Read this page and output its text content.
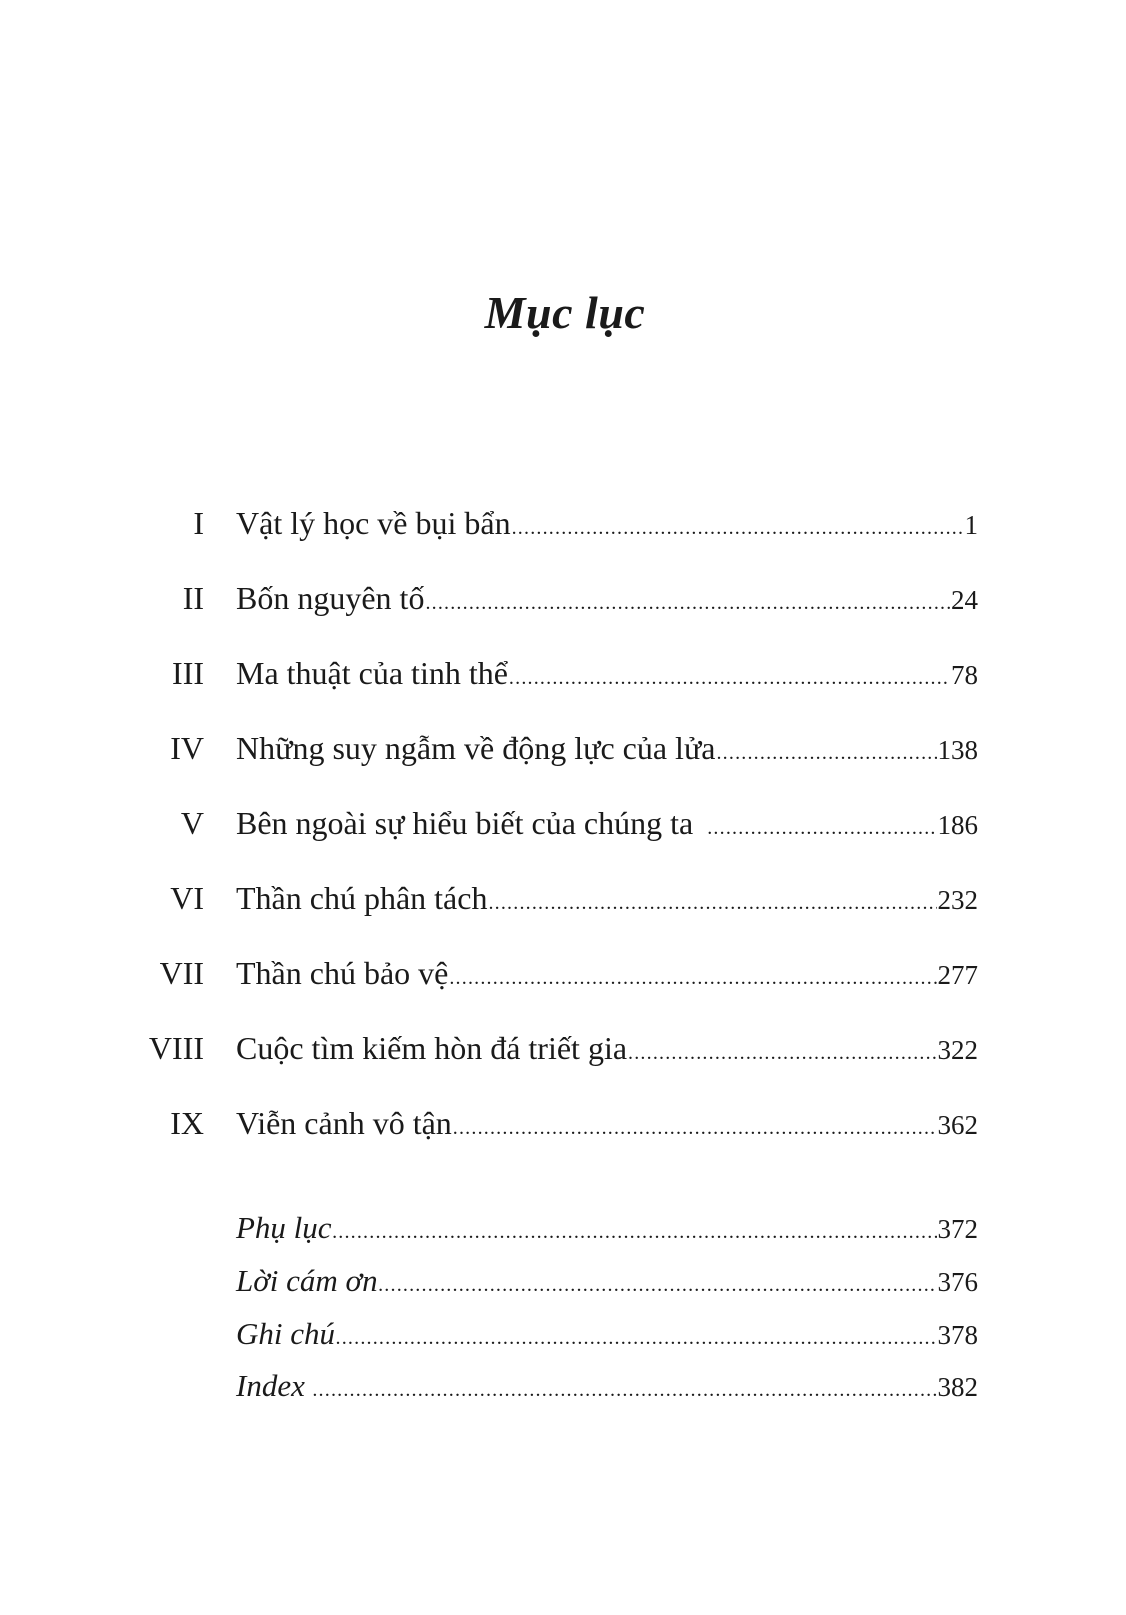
Mục lục
I Vật lý học về bụi bẩn .....	1
II Bốn nguyên tố .....	24
III Ma thuật của tinh thể .....	78
IV Những suy ngẫm về động lực của lửa .....	138
V Bên ngoài sự hiểu biết của chúng ta .....	186
VI Thần chú phân tách .....	232
VII Thần chú bảo vệ .....	277
VIII Cuộc tìm kiếm hòn đá triết gia .....	322
IX Viễn cảnh vô tận .....	362
Phụ lục .....	372
Lời cám ơn .....	376
Ghi chú .....	378
Index .....	382
